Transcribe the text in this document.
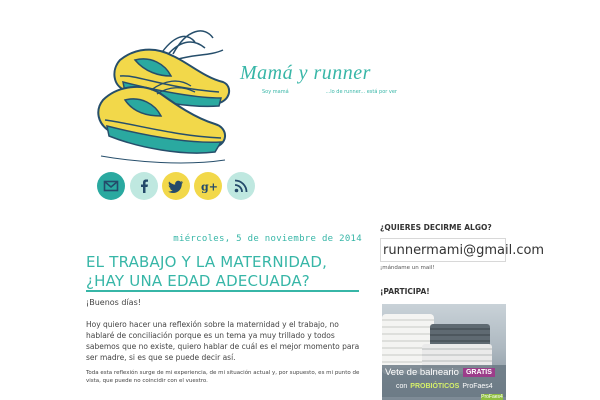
Mamá y runner
Soy mamá	...lo de runner... está por ver
g+
miércoles, 5 de noviembre de 2014
EL TRABAJO Y LA MATERNIDAD, ¿HAY UNA EDAD ADECUADA?

¡Buenos días!

Hoy quiero hacer una reflexión sobre la maternidad y el trabajo, no hablaré de conciliación porque es un tema ya muy trillado y todos sabemos que no existe, quiero hablar de cuál es el mejor momento para ser madre, si es que se puede decir así.

Toda esta reflexión surge de mi experiencia, de mi situación actual y, por supuesto, es mi punto de vista, que puede no coincidir con el vuestro.

¿QUIERES DECIRME ALGO?
runnermami@gmail.com
¡mándame un mail!
¡PARTICIPA!
Vete de balneario	GRATIS
con PROBIÓTICOS ProFaes4
ProFaes4
